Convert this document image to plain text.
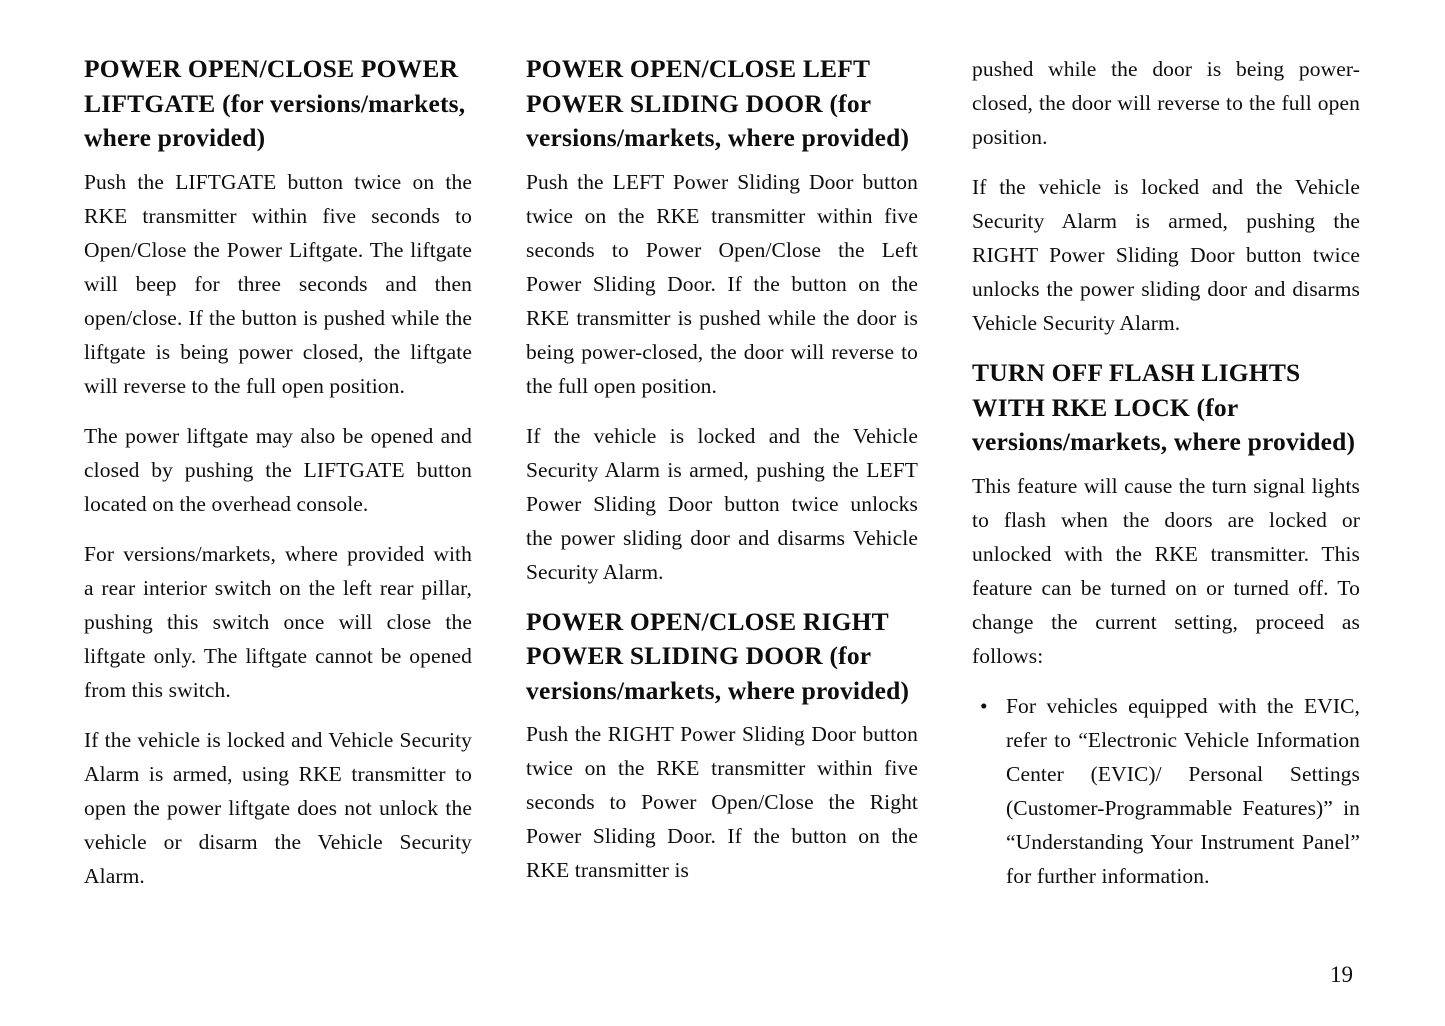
POWER OPEN/CLOSE POWER LIFTGATE (for versions/markets, where provided)

Push the LIFTGATE button twice on the RKE transmitter within five seconds to Open/Close the Power Liftgate. The liftgate will beep for three seconds and then open/close. If the button is pushed while the liftgate is being power closed, the liftgate will reverse to the full open position.

The power liftgate may also be opened and closed by pushing the LIFTGATE button located on the overhead console.

For versions/markets, where provided with a rear interior switch on the left rear pillar, pushing this switch once will close the liftgate only. The liftgate cannot be opened from this switch.

If the vehicle is locked and Vehicle Security Alarm is armed, using RKE transmitter to open the power liftgate does not unlock the vehicle or disarm the Vehicle Security Alarm.

POWER OPEN/CLOSE LEFT POWER SLIDING DOOR (for versions/markets, where provided)

Push the LEFT Power Sliding Door button twice on the RKE transmitter within five seconds to Power Open/Close the Left Power Sliding Door. If the button on the RKE transmitter is pushed while the door is being power-closed, the door will reverse to the full open position.

If the vehicle is locked and the Vehicle Security Alarm is armed, pushing the LEFT Power Sliding Door button twice unlocks the power sliding door and disarms Vehicle Security Alarm.

POWER OPEN/CLOSE RIGHT POWER SLIDING DOOR (for versions/markets, where provided)

Push the RIGHT Power Sliding Door button twice on the RKE transmitter within five seconds to Power Open/Close the Right Power Sliding Door. If the button on the RKE transmitter is

pushed while the door is being power-closed, the door will reverse to the full open position.

If the vehicle is locked and the Vehicle Security Alarm is armed, pushing the RIGHT Power Sliding Door button twice unlocks the power sliding door and disarms Vehicle Security Alarm.

TURN OFF FLASH LIGHTS WITH RKE LOCK (for versions/markets, where provided)

This feature will cause the turn signal lights to flash when the doors are locked or unlocked with the RKE transmitter. This feature can be turned on or turned off. To change the current setting, proceed as follows:

• For vehicles equipped with the EVIC, refer to “Electronic Vehicle Information Center (EVIC)/ Personal Settings (Customer-Programmable Features)” in “Understanding Your Instrument Panel” for further information.
19
